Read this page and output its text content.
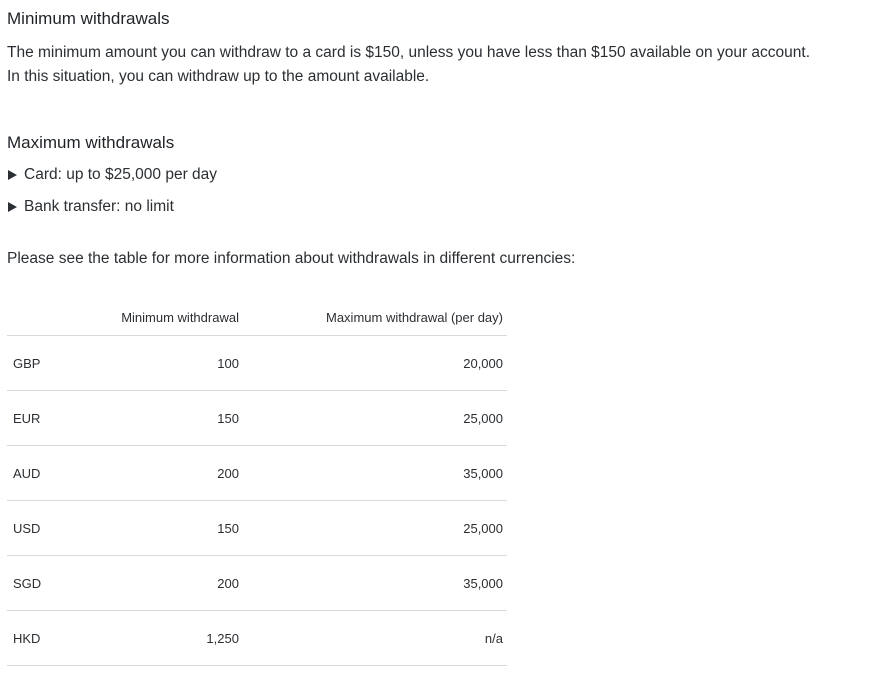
Minimum withdrawals
The minimum amount you can withdraw to a card is $150, unless you have less than $150 available on your account.
In this situation, you can withdraw up to the amount available.
Maximum withdrawals
Card: up to $25,000 per day
Bank transfer: no limit
Please see the table for more information about withdrawals in different currencies:
	Minimum withdrawal	Maximum withdrawal (per day)
GBP	100	20,000
EUR	150	25,000
AUD	200	35,000
USD	150	25,000
SGD	200	35,000
HKD	1,250	n/a
